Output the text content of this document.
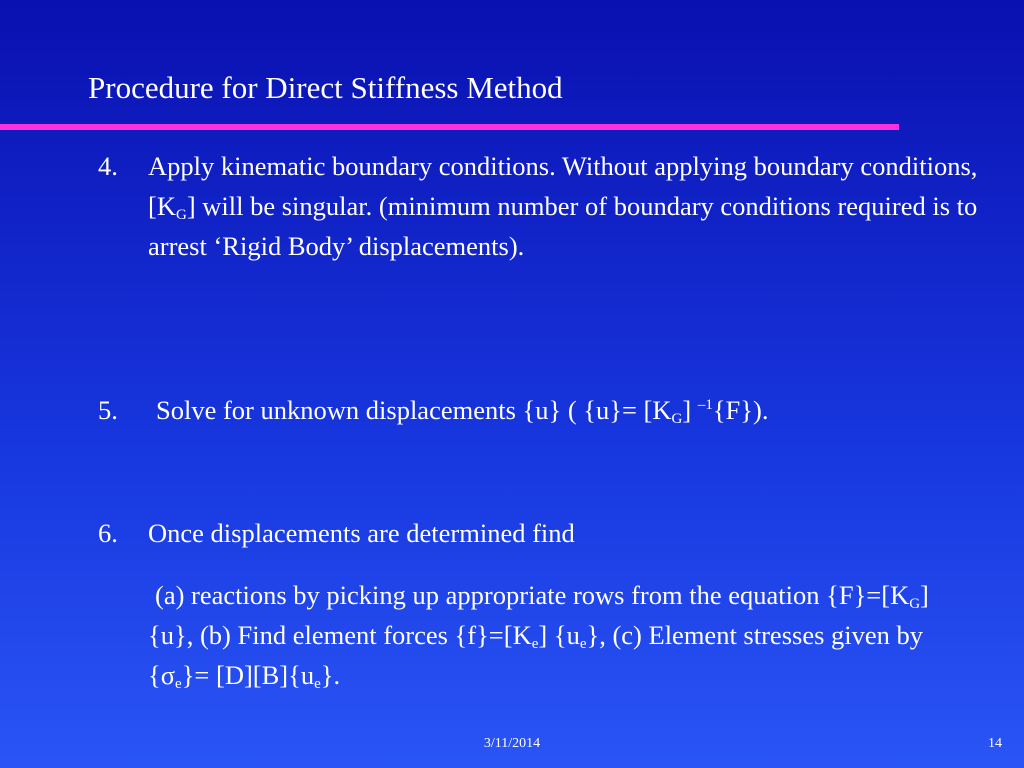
Procedure for Direct Stiffness Method
4. Apply kinematic boundary conditions. Without applying boundary conditions, $[K_G]$ will be singular. (minimum number of boundary conditions required is to arrest ‘Rigid Body’ displacements).
5. Solve for unknown displacements {u} ( $\{u\}= [K_G]$ $^{-1}${F}).
6. Once displacements are determined find
(a) reactions by picking up appropriate rows from the equation $\{F\}=[K_G]$ {u}, (b) Find element forces $\{f\}=[K_e]$ $\{u_e\}$, (c) Element stresses given by $\{\sigma_e\}= [D][B]\{u_e\}$.
3/11/2014	14
